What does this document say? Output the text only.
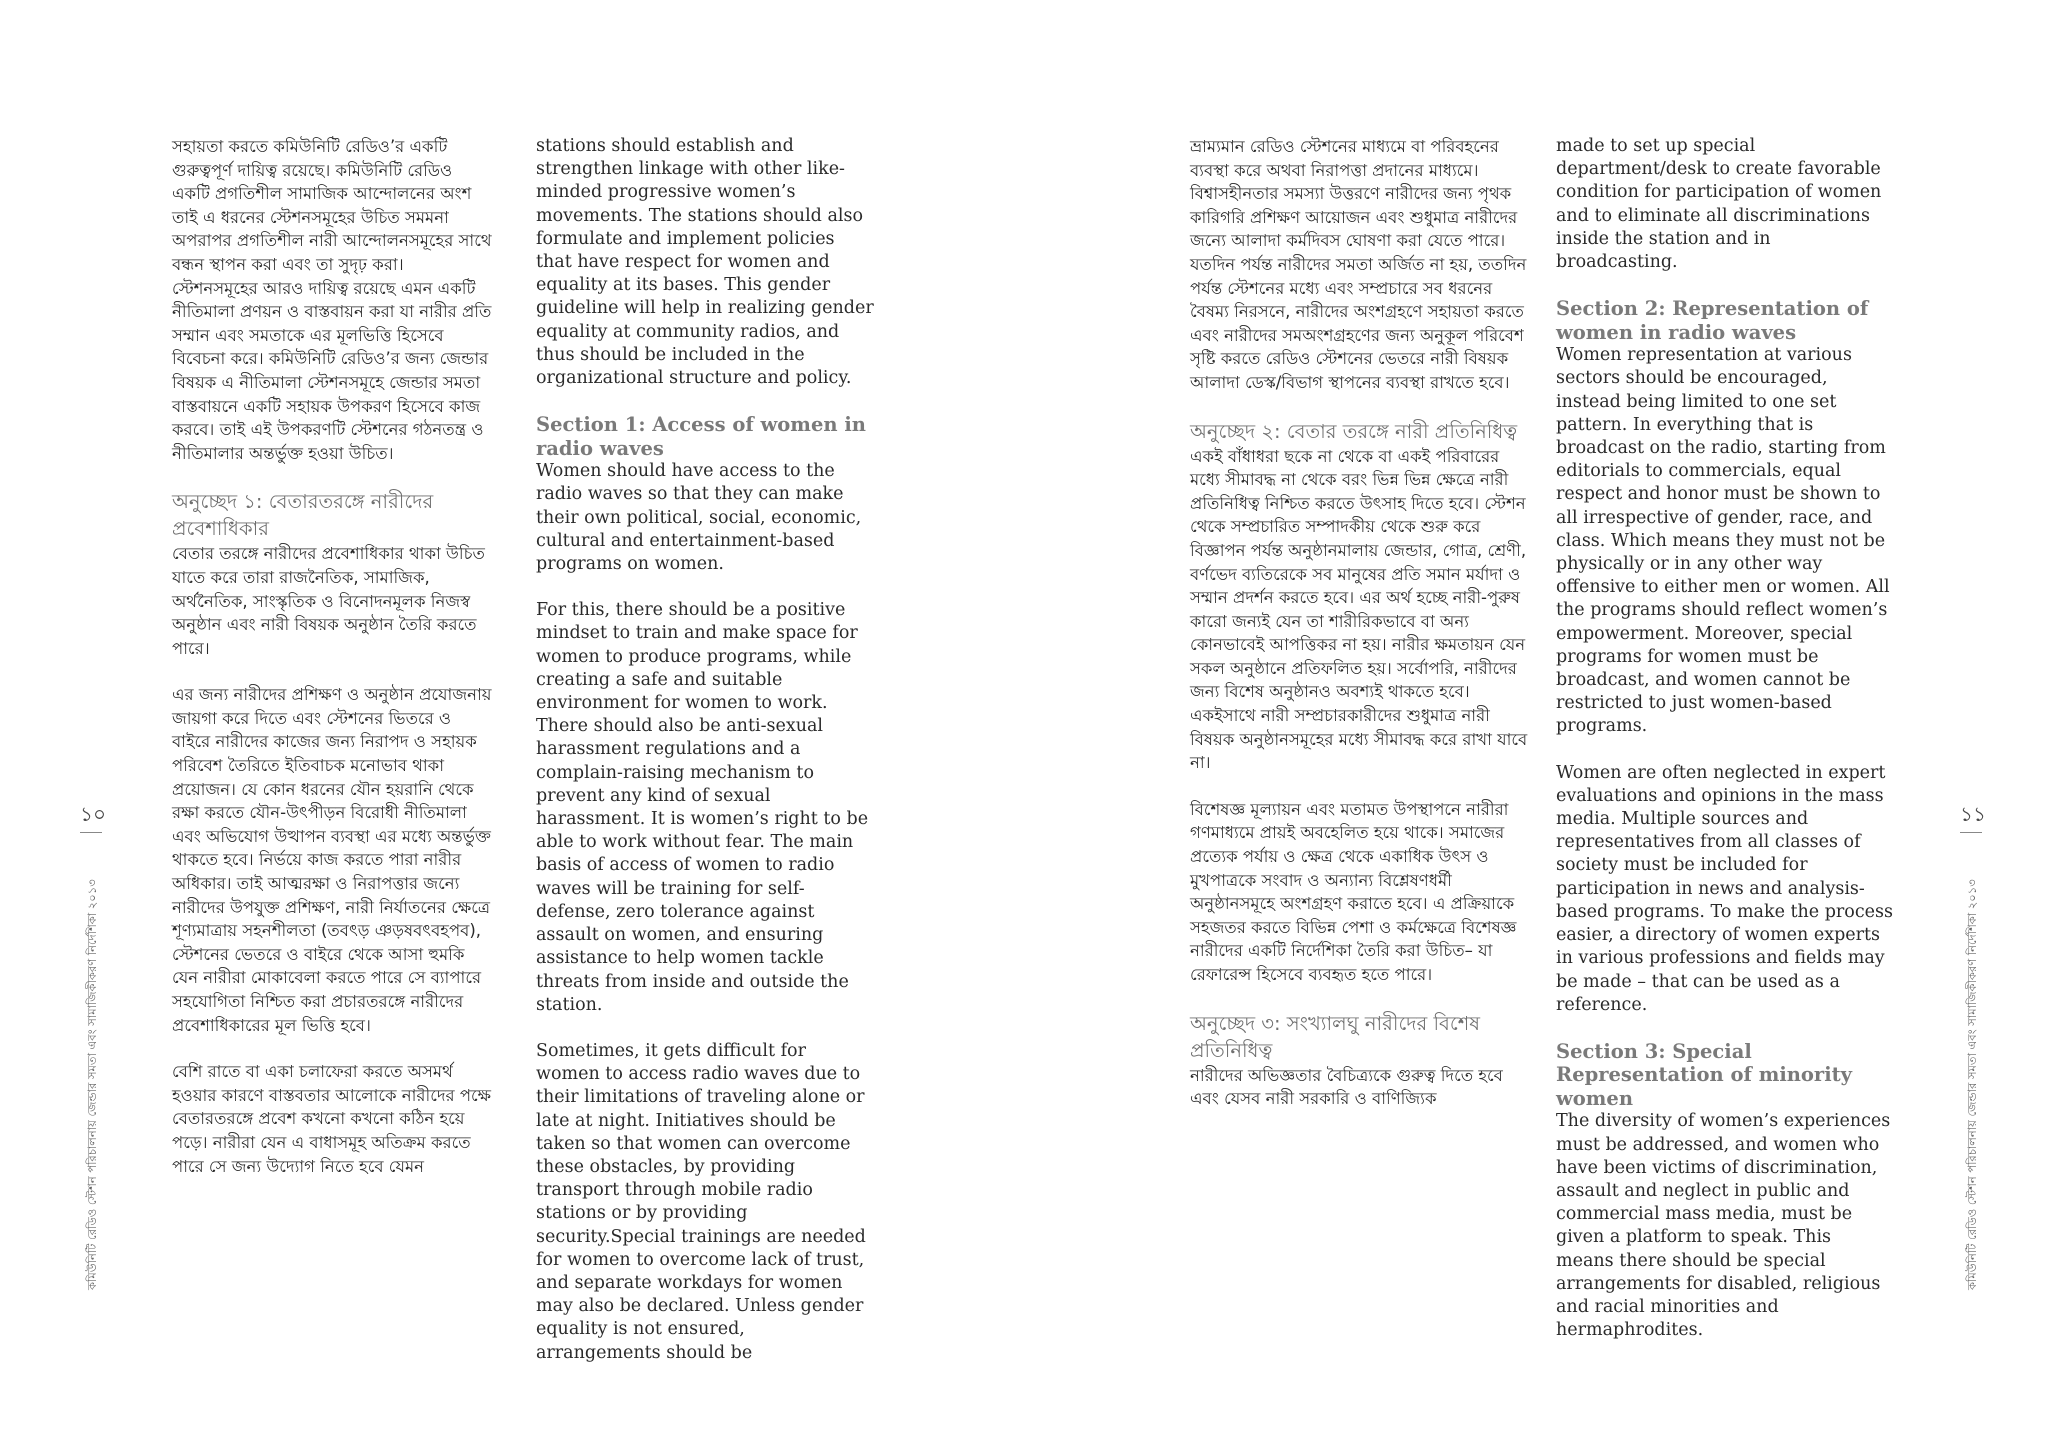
১০
কমিউনিটি রেডিও স্টেশন পরিচালনায় জেন্ডার সমতা এবং সামাজিকীকরণ নির্দেশিকা ২০১৩

সহায়তা করতে কমিউনিটি রেডিও’র একটি গুরুত্বপূর্ণ দায়িত্ব রয়েছে। কমিউনিটি রেডিও একটি প্রগতিশীল সামাজিক আন্দোলনের অংশ তাই এ ধরনের স্টেশনসমূহের উচিত সমমনা অপরাপর প্রগতিশীল নারী আন্দোলনসমূহের সাথে বন্ধন স্থাপন করা এবং তা সুদৃঢ় করা। স্টেশনসমূহের আরও দায়িত্ব রয়েছে এমন একটি নীতিমালা প্রণয়ন ও বাস্তবায়ন করা যা নারীর প্রতি সম্মান এবং সমতাকে এর মূলভিত্তি হিসেবে বিবেচনা করে। কমিউনিটি রেডিও’র জন্য জেন্ডার বিষয়ক এ নীতিমালা স্টেশনসমূহে জেন্ডার সমতা বাস্তবায়নে একটি সহায়ক উপকরণ হিসেবে কাজ করবে। তাই এই উপকরণটি স্টেশনের গঠনতন্ত্র ও নীতিমালার অন্তর্ভুক্ত হওয়া উচিত।

অনুচ্ছেদ ১: বেতারতরঙ্গে নারীদের প্রবেশাধিকার

বেতার তরঙ্গে নারীদের প্রবেশাধিকার থাকা উচিত যাতে করে তারা রাজনৈতিক, সামাজিক, অর্থনৈতিক, সাংস্কৃতিক ও বিনোদনমূলক নিজস্ব অনুষ্ঠান এবং নারী বিষয়ক অনুষ্ঠান তৈরি করতে পারে।

এর জন্য নারীদের প্রশিক্ষণ ও অনুষ্ঠান প্রযোজনায় জায়গা করে দিতে এবং স্টেশনের ভিতরে ও বাইরে নারীদের কাজের জন্য নিরাপদ ও সহায়ক পরিবেশ তৈরিতে ইতিবাচক মনোভাব থাকা প্রয়োজন। যে কোন ধরনের যৌন হয়রানি থেকে রক্ষা করতে যৌন-উৎপীড়ন বিরোধী নীতিমালা এবং অভিযোগ উত্থাপন ব্যবস্থা এর মধ্যে অন্তর্ভুক্ত থাকতে হবে। নির্ভয়ে কাজ করতে পারা নারীর অধিকার। তাই আত্মরক্ষা ও নিরাপত্তার জন্যে নারীদের উপযুক্ত প্রশিক্ষণ, নারী নির্যাতনের ক্ষেত্রে শূণ্যমাত্রায় সহনশীলতা (তবৎড় ঞড়ষবৎবহপব), স্টেশনের ভেতরে ও বাইরে থেকে আসা হুমকি যেন নারীরা মোকাবেলা করতে পারে সে ব্যাপারে সহযোগিতা নিশ্চিত করা প্রচারতরঙ্গে নারীদের প্রবেশাধিকারের মূল ভিত্তি হবে।

বেশি রাতে বা একা চলাফেরা করতে অসমর্থ হওয়ার কারণে বাস্তবতার আলোকে নারীদের পক্ষে বেতারতরঙ্গে প্রবেশ কখনো কখনো কঠিন হয়ে পড়ে। নারীরা যেন এ বাধাসমূহ অতিক্রম করতে পারে সে জন্য উদ্যোগ নিতে হবে যেমন

stations should establish and strengthen linkage with other like-minded progressive women’s movements. The stations should also formulate and implement policies that have respect for women and equality at its bases. This gender guideline will help in realizing gender equality at community radios, and thus should be included in the organizational structure and policy.

Section 1: Access of women in radio waves

Women should have access to the radio waves so that they can make their own political, social, economic, cultural and entertainment-based programs on women.

For this, there should be a positive mindset to train and make space for women to produce programs, while creating a safe and suitable environment for women to work. There should also be anti-sexual harassment regulations and a complain-raising mechanism to prevent any kind of sexual harassment. It is women’s right to be able to work without fear. The main basis of access of women to radio waves will be training for self-defense, zero tolerance against assault on women, and ensuring assistance to help women tackle threats from inside and outside the station.

Sometimes, it gets difficult for women to access radio waves due to their limitations of traveling alone or late at night. Initiatives should be taken so that women can overcome these obstacles, by providing transport through mobile radio stations or by providing security.Special trainings are needed for women to overcome lack of trust, and separate workdays for women may also be declared. Unless gender equality is not ensured, arrangements should be

ভ্রাম্যমান রেডিও স্টেশনের মাধ্যমে বা পরিবহনের ব্যবস্থা করে অথবা নিরাপত্তা প্রদানের মাধ্যমে। বিশ্বাসহীনতার সমস্যা উত্তরণে নারীদের জন্য পৃথক কারিগরি প্রশিক্ষণ আয়োজন এবং শুধুমাত্র নারীদের জন্যে আলাদা কর্মদিবস ঘোষণা করা যেতে পারে। যতদিন পর্যন্ত নারীদের সমতা অর্জিত না হয়, ততদিন পর্যন্ত স্টেশনের মধ্যে এবং সম্প্রচারে সব ধরনের বৈষম্য নিরসনে, নারীদের অংশগ্রহণে সহায়তা করতে এবং নারীদের সমঅংশগ্রহণের জন্য অনুকূল পরিবেশ সৃষ্টি করতে রেডিও স্টেশনের ভেতরে নারী বিষয়ক আলাদা ডেস্ক/বিভাগ স্থাপনের ব্যবস্থা রাখতে হবে।

অনুচ্ছেদ ২: বেতার তরঙ্গে নারী প্রতিনিধিত্ব

একই বাঁধাধরা ছকে না থেকে বা একই পরিবারের মধ্যে সীমাবদ্ধ না থেকে বরং ভিন্ন ভিন্ন ক্ষেত্রে নারী প্রতিনিধিত্ব নিশ্চিত করতে উৎসাহ দিতে হবে। স্টেশন থেকে সম্প্রচারিত সম্পাদকীয় থেকে শুরু করে বিজ্ঞাপন পর্যন্ত অনুষ্ঠানমালায় জেন্ডার, গোত্র, শ্রেণী, বর্ণভেদ ব্যতিরেকে সব মানুষের প্রতি সমান মর্যাদা ও সম্মান প্রদর্শন করতে হবে। এর অর্থ হচ্ছে নারী-পুরুষ কারো জন্যই যেন তা শারীরিকভাবে বা অন্য কোনভাবেই আপত্তিকর না হয়। নারীর ক্ষমতায়ন যেন সকল অনুষ্ঠানে প্রতিফলিত হয়। সর্বোপরি, নারীদের জন্য বিশেষ অনুষ্ঠানও অবশ্যই থাকতে হবে। একইসাথে নারী সম্প্রচারকারীদের শুধুমাত্র নারী বিষয়ক অনুষ্ঠানসমূহের মধ্যে সীমাবদ্ধ করে রাখা যাবে না।

বিশেষজ্ঞ মূল্যায়ন এবং মতামত উপস্থাপনে নারীরা গণমাধ্যমে প্রায়ই অবহেলিত হয়ে থাকে। সমাজের প্রত্যেক পর্যায় ও ক্ষেত্র থেকে একাধিক উৎস ও মুখপাত্রকে সংবাদ ও অন্যান্য বিশ্লেষণধর্মী অনুষ্ঠানসমূহে অংশগ্রহণ করাতে হবে। এ প্রক্রিয়াকে সহজতর করতে বিভিন্ন পেশা ও কর্মক্ষেত্রে বিশেষজ্ঞ নারীদের একটি নির্দেশিকা তৈরি করা উচিত– যা রেফারেন্স হিসেবে ব্যবহৃত হতে পারে।

অনুচ্ছেদ ৩: সংখ্যালঘু নারীদের বিশেষ প্রতিনিধিত্ব

নারীদের অভিজ্ঞতার বৈচিত্র্যকে গুরুত্ব দিতে হবে এবং যেসব নারী সরকারি ও বাণিজ্যিক

made to set up special department/desk to create favorable condition for participation of women and to eliminate all discriminations inside the station and in broadcasting.

Section 2: Representation of women in radio waves

Women representation at various sectors should be encouraged, instead being limited to one set pattern. In everything that is broadcast on the radio, starting from editorials to commercials, equal respect and honor must be shown to all irrespective of gender, race, and class. Which means they must not be physically or in any other way offensive to either men or women. All the programs should reflect women’s empowerment. Moreover, special programs for women must be broadcast, and women cannot be restricted to just women-based programs.

Women are often neglected in expert evaluations and opinions in the mass media. Multiple sources and representatives from all classes of society must be included for participation in news and analysis-based programs. To make the process easier, a directory of women experts in various professions and fields may be made – that can be used as a reference.

Section 3: Special Representation of minority women

The diversity of women’s experiences must be addressed, and women who have been victims of discrimination, assault and neglect in public and commercial mass media, must be given a platform to speak. This means there should be special arrangements for disabled, religious and racial minorities and hermaphrodites.

১১
কমিউনিটি রেডিও স্টেশন পরিচালনায় জেন্ডার সমতা এবং সামাজিকীকরণ নির্দেশিকা ২০১৩
